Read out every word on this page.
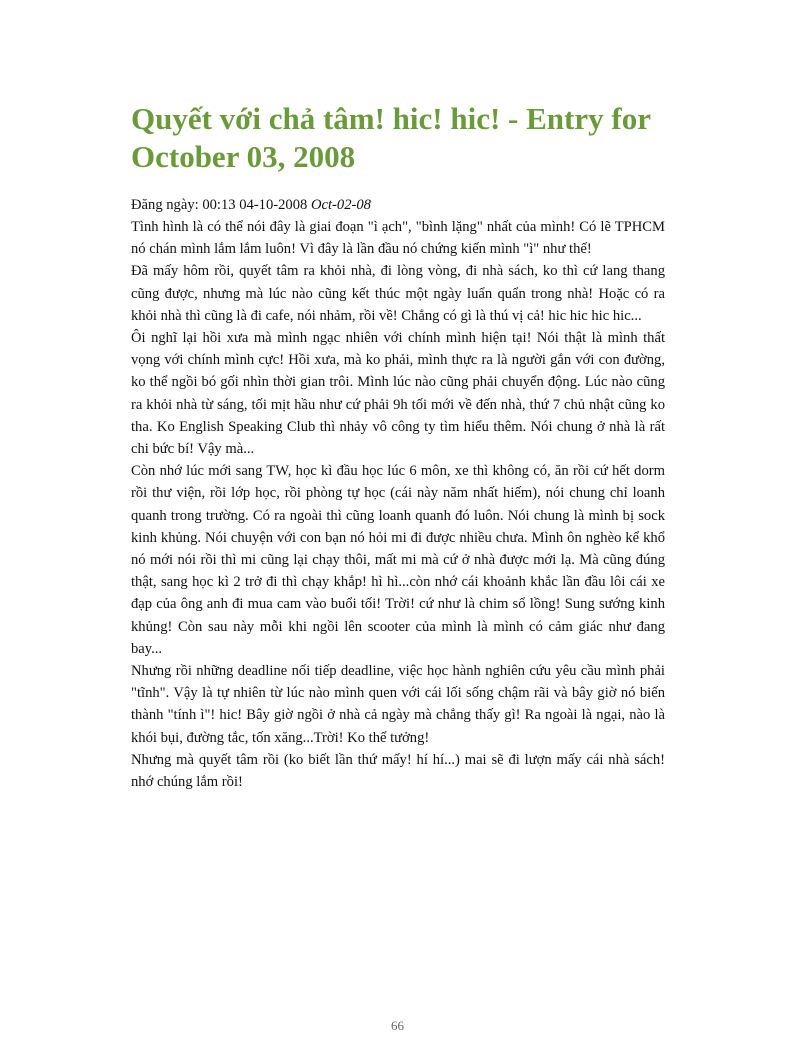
Quyết với chả tâm! hic! hic! - Entry for October 03, 2008
Đăng ngày: 00:13 04-10-2008 Oct-02-08

Tình hình là có thể nói đây là giai đoạn "ì ạch", "bình lặng" nhất của mình! Có lẽ TPHCM nó chán mình lắm lắm luôn! Vì đây là lần đầu nó chứng kiến mình "ì" như thế!

Đã mấy hôm rồi, quyết tâm ra khỏi nhà, đi lòng vòng, đi nhà sách, ko thì cứ lang thang cũng được, nhưng mà lúc nào cũng kết thúc một ngày luẩn quẩn trong nhà! Hoặc có ra khỏi nhà thì cũng là đi cafe, nói nhảm, rồi về! Chẳng có gì là thú vị cả! hic hic hic hic...

Ôi nghĩ lại hồi xưa mà mình ngạc nhiên với chính mình hiện tại! Nói thật là mình thất vọng với chính mình cực! Hồi xưa, mà ko phải, mình thực ra là người gắn với con đường, ko thể ngồi bó gối nhìn thời gian trôi. Mình lúc nào cũng phải chuyển động. Lúc nào cũng ra khỏi nhà từ sáng, tối mịt hầu như cứ phải 9h tối mới về đến nhà, thứ 7 chủ nhật cũng ko tha. Ko English Speaking Club thì nhảy vô công ty tìm hiểu thêm. Nói chung ở nhà là rất chi bức bí! Vậy mà...

Còn nhớ lúc mới sang TW, học kì đầu học lúc 6 môn, xe thì không có, ăn rồi cứ hết dorm rồi thư viện, rồi lớp học, rồi phòng tự học (cái này năm nhất hiếm), nói chung chỉ loanh quanh trong trường. Có ra ngoài thì cũng loanh quanh đó luôn. Nói chung là mình bị sock kinh khủng. Nói chuyện với con bạn nó hỏi mi đi được nhiều chưa. Mình ôn nghèo kể khổ nó mới nói rồi thì mi cũng lại chạy thôi, mất mi mà cứ ở nhà được mới lạ. Mà cũng đúng thật, sang học kì 2 trở đi thì chạy khắp! hì hì...còn nhớ cái khoảnh khắc lần đầu lôi cái xe đạp của ông anh đi mua cam vào buổi tối! Trời! cứ như là chim sổ lồng! Sung sướng kinh khủng! Còn sau này mỗi khi ngồi lên scooter của mình là mình có cảm giác như đang bay...

Nhưng rồi những deadline nối tiếp deadline, việc học hành nghiên cứu yêu cầu mình phải "tĩnh". Vậy là tự nhiên từ lúc nào mình quen với cái lối sống chậm rãi và bây giờ nó biến thành "tính ì"! hic! Bây giờ ngồi ở nhà cả ngày mà chẳng thấy gì! Ra ngoài là ngại, nào là khói bụi, đường tắc, tốn xăng...Trời! Ko thể tưởng!

Nhưng mà quyết tâm rồi (ko biết lần thứ mấy! hí hí...) mai sẽ đi lượn mấy cái nhà sách! nhớ chúng lắm rồi!

66
